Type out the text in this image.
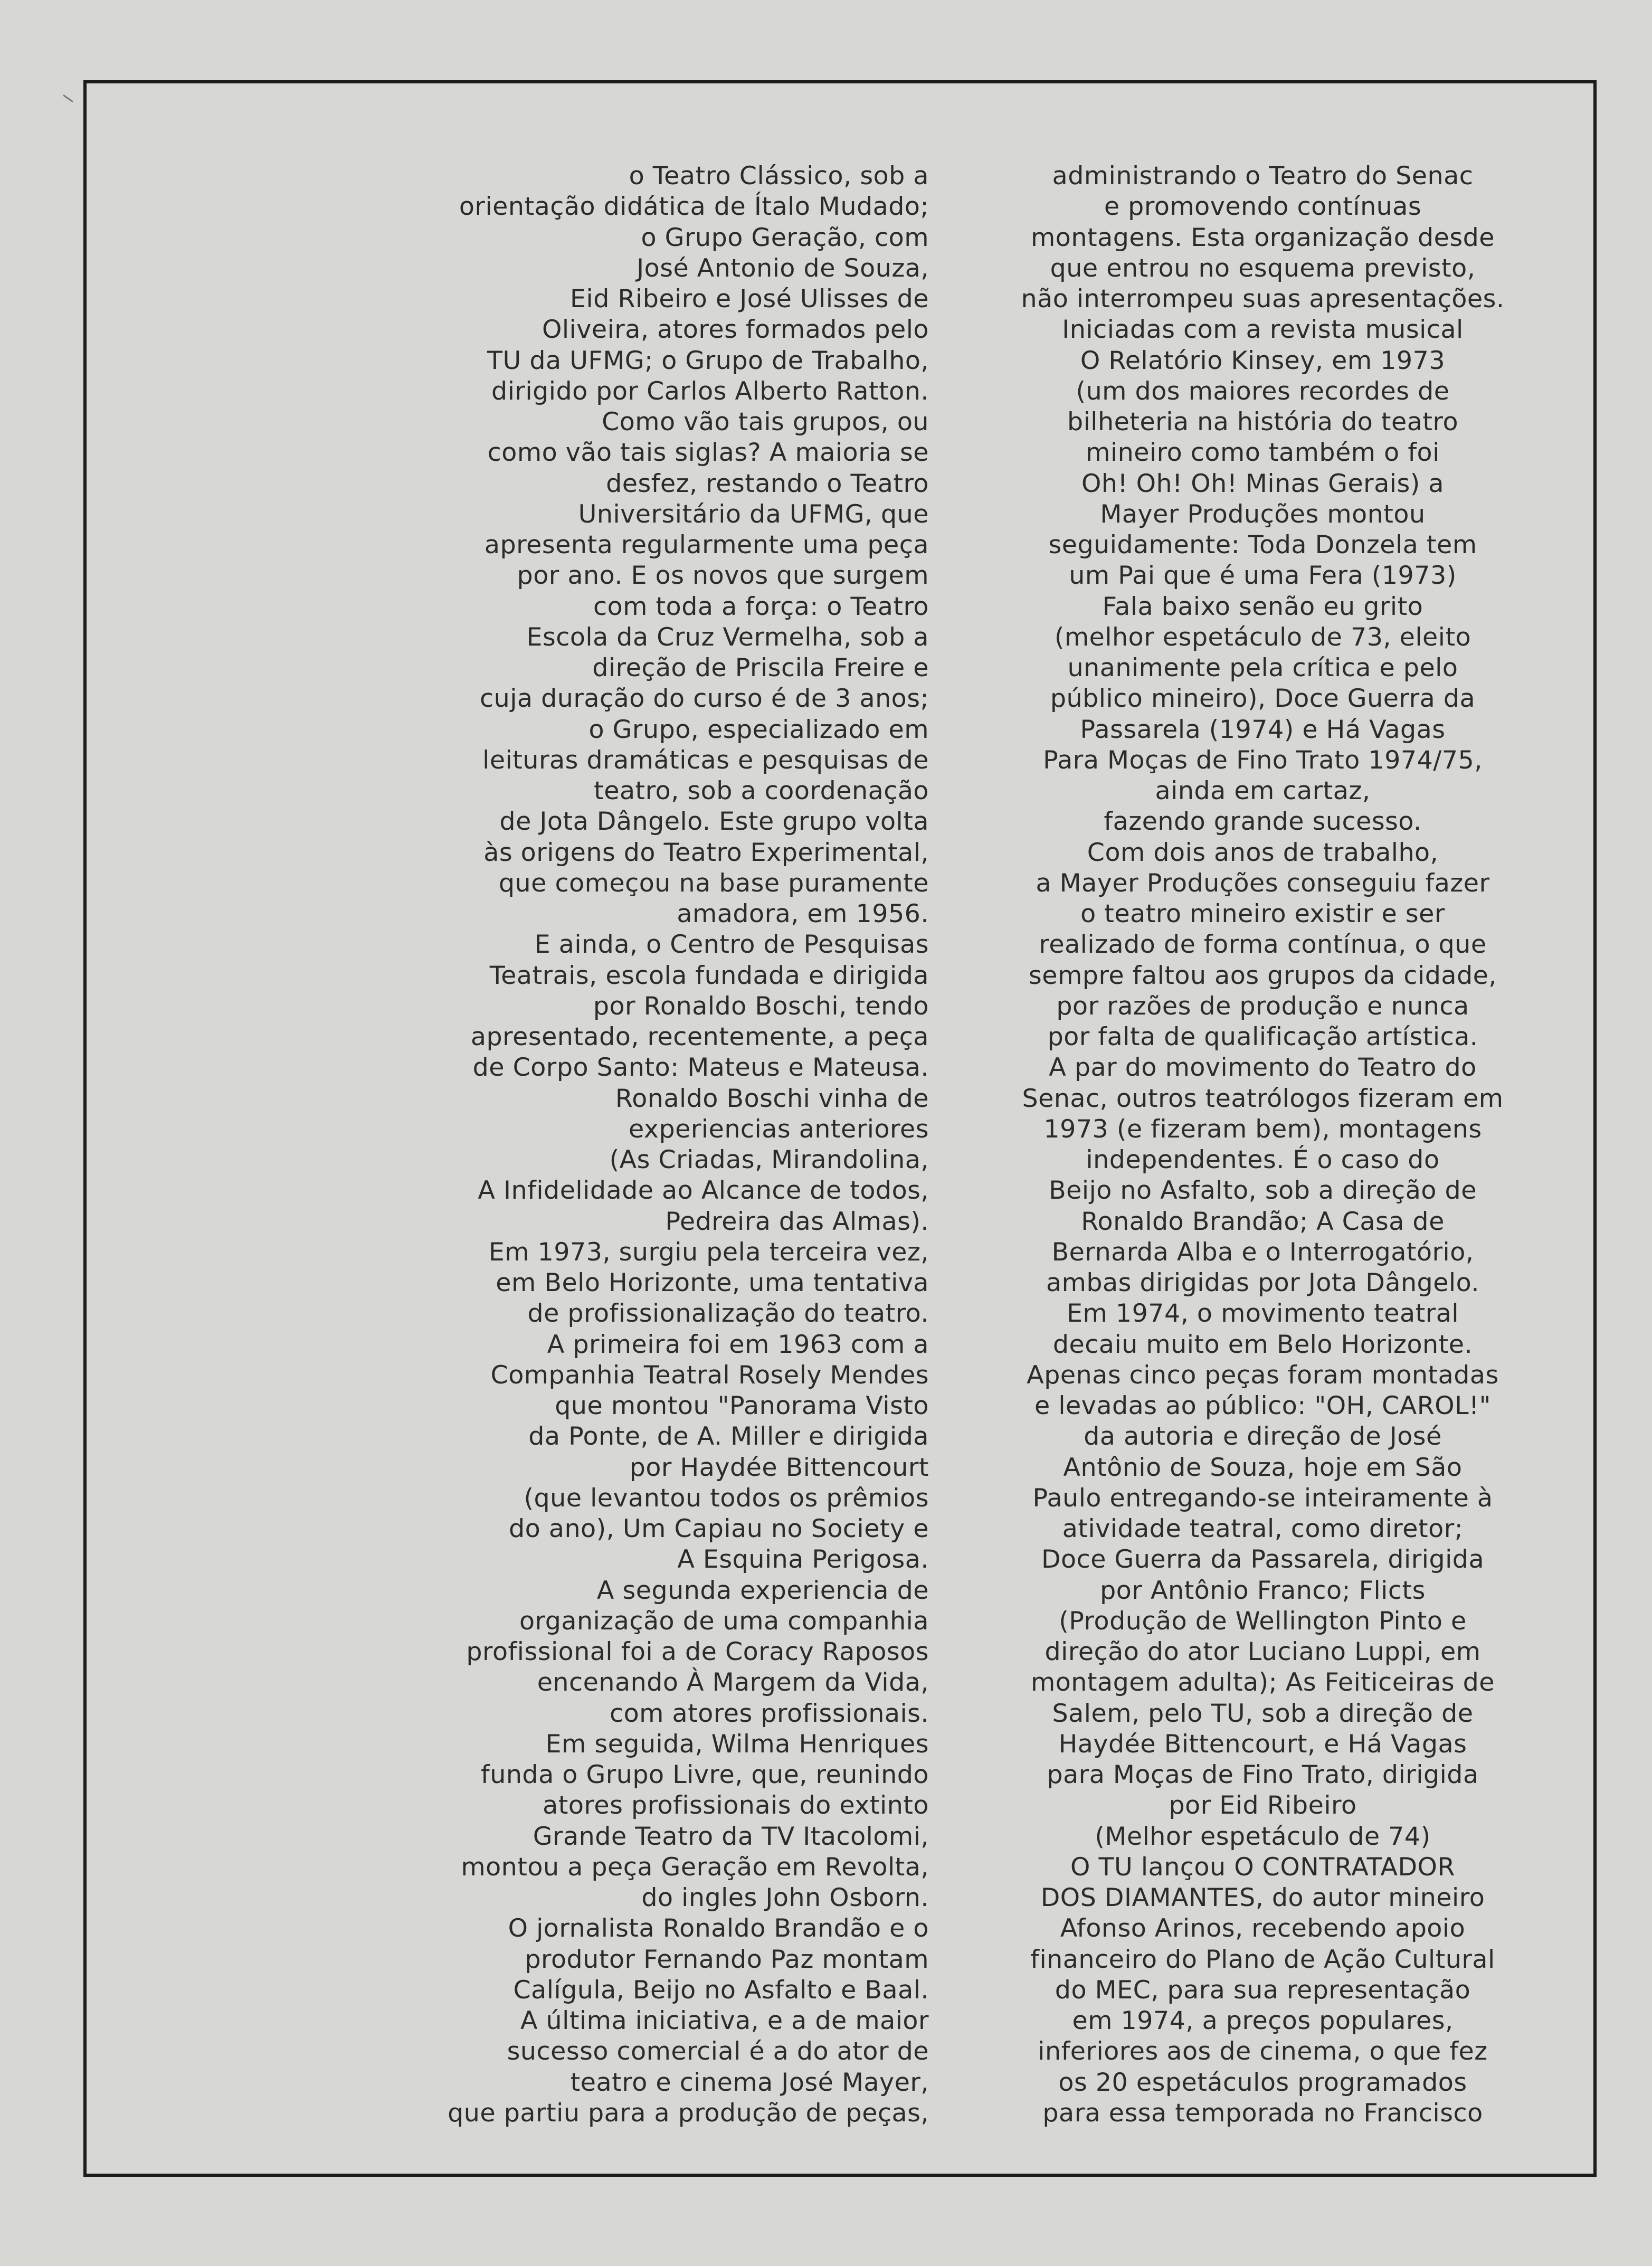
o Teatro Clássico, sob a
orientação didática de Ítalo Mudado;
o Grupo Geração, com
José Antonio de Souza,
Eid Ribeiro e José Ulisses de
Oliveira, atores formados pelo
TU da UFMG; o Grupo de Trabalho,
dirigido por Carlos Alberto Ratton.
Como vão tais grupos, ou
como vão tais siglas? A maioria se
desfez, restando o Teatro
Universitário da UFMG, que
apresenta regularmente uma peça
por ano. E os novos que surgem
com toda a força: o Teatro
Escola da Cruz Vermelha, sob a
direção de Priscila Freire e
cuja duração do curso é de 3 anos;
o Grupo, especializado em
leituras dramáticas e pesquisas de
teatro, sob a coordenação
de Jota Dângelo. Este grupo volta
às origens do Teatro Experimental,
que começou na base puramente
amadora, em 1956.
E ainda, o Centro de Pesquisas
Teatrais, escola fundada e dirigida
por Ronaldo Boschi, tendo
apresentado, recentemente, a peça
de Corpo Santo: Mateus e Mateusa.
Ronaldo Boschi vinha de
experiencias anteriores
(As Criadas, Mirandolina,
A Infidelidade ao Alcance de todos,
Pedreira das Almas).
Em 1973, surgiu pela terceira vez,
em Belo Horizonte, uma tentativa
de profissionalização do teatro.
A primeira foi em 1963 com a
Companhia Teatral Rosely Mendes
que montou "Panorama Visto
da Ponte, de A. Miller e dirigida
por Haydée Bittencourt
(que levantou todos os prêmios
do ano), Um Capiau no Society e
A Esquina Perigosa.
A segunda experiencia de
organização de uma companhia
profissional foi a de Coracy Raposos
encenando À Margem da Vida,
com atores profissionais.
Em seguida, Wilma Henriques
funda o Grupo Livre, que, reunindo
atores profissionais do extinto
Grande Teatro da TV Itacolomi,
montou a peça Geração em Revolta,
do ingles John Osborn.
O jornalista Ronaldo Brandão e o
produtor Fernando Paz montam
Calígula, Beijo no Asfalto e Baal.
A última iniciativa, e a de maior
sucesso comercial é a do ator de
teatro e cinema José Mayer,
que partiu para a produção de peças,
administrando o Teatro do Senac
e promovendo contínuas
montagens. Esta organização desde
que entrou no esquema previsto,
não interrompeu suas apresentações.
Iniciadas com a revista musical
O Relatório Kinsey, em 1973
(um dos maiores recordes de
bilheteria na história do teatro
mineiro como também o foi
Oh! Oh! Oh! Minas Gerais) a
Mayer Produções montou
seguidamente: Toda Donzela tem
um Pai que é uma Fera (1973)
Fala baixo senão eu grito
(melhor espetáculo de 73, eleito
unanimente pela crítica e pelo
público mineiro), Doce Guerra da
Passarela (1974) e Há Vagas
Para Moças de Fino Trato 1974/75,
ainda em cartaz,
fazendo grande sucesso.
Com dois anos de trabalho,
a Mayer Produções conseguiu fazer
o teatro mineiro existir e ser
realizado de forma contínua, o que
sempre faltou aos grupos da cidade,
por razões de produção e nunca
por falta de qualificação artística.
A par do movimento do Teatro do
Senac, outros teatrólogos fizeram em
1973 (e fizeram bem), montagens
independentes. É o caso do
Beijo no Asfalto, sob a direção de
Ronaldo Brandão; A Casa de
Bernarda Alba e o Interrogatório,
ambas dirigidas por Jota Dângelo.
Em 1974, o movimento teatral
decaiu muito em Belo Horizonte.
Apenas cinco peças foram montadas
e levadas ao público: "OH, CAROL!"
da autoria e direção de José
Antônio de Souza, hoje em São
Paulo entregando-se inteiramente à
atividade teatral, como diretor;
Doce Guerra da Passarela, dirigida
por Antônio Franco; Flicts
(Produção de Wellington Pinto e
direção do ator Luciano Luppi, em
montagem adulta); As Feiticeiras de
Salem, pelo TU, sob a direção de
Haydée Bittencourt, e Há Vagas
para Moças de Fino Trato, dirigida
por Eid Ribeiro
(Melhor espetáculo de 74)
O TU lançou O CONTRATADOR
DOS DIAMANTES, do autor mineiro
Afonso Arinos, recebendo apoio
financeiro do Plano de Ação Cultural
do MEC, para sua representação
em 1974, a preços populares,
inferiores aos de cinema, o que fez
os 20 espetáculos programados
para essa temporada no Francisco
